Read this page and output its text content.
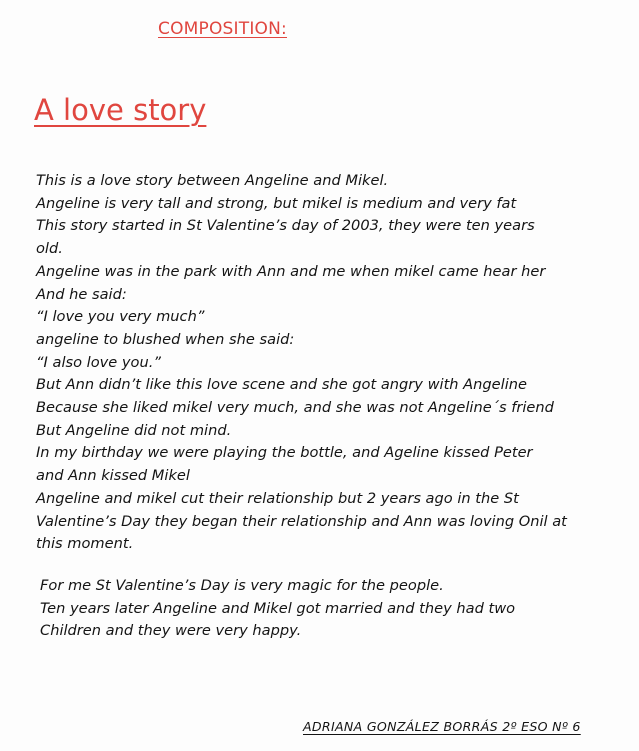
COMPOSITION:
A love story
This is a love story between Angeline and Mikel.
Angeline is very tall and strong, but mikel is medium and very fat
This story started in St Valentine’s day of 2003, they were ten years
old.
Angeline was in the park with Ann and me when mikel came hear her
And he said:
“I love you very much”
angeline to blushed when she said:
“I also love you.”
But Ann didn’t like this love scene and she got angry with Angeline
Because she liked mikel very much, and she was not Angeline´s friend
But Angeline did not mind.
In my birthday we were playing the bottle, and Ageline kissed Peter
and Ann kissed Mikel
Angeline and mikel cut their relationship but 2 years ago in the St
Valentine’s Day they began their relationship and Ann was loving Onil at
this moment.
For me St Valentine’s Day is very magic for the people.
Ten years later Angeline and Mikel got married and they had two
Children and they were very happy.
ADRIANA GONZÁLEZ BORRÁS 2º ESO Nº 6
